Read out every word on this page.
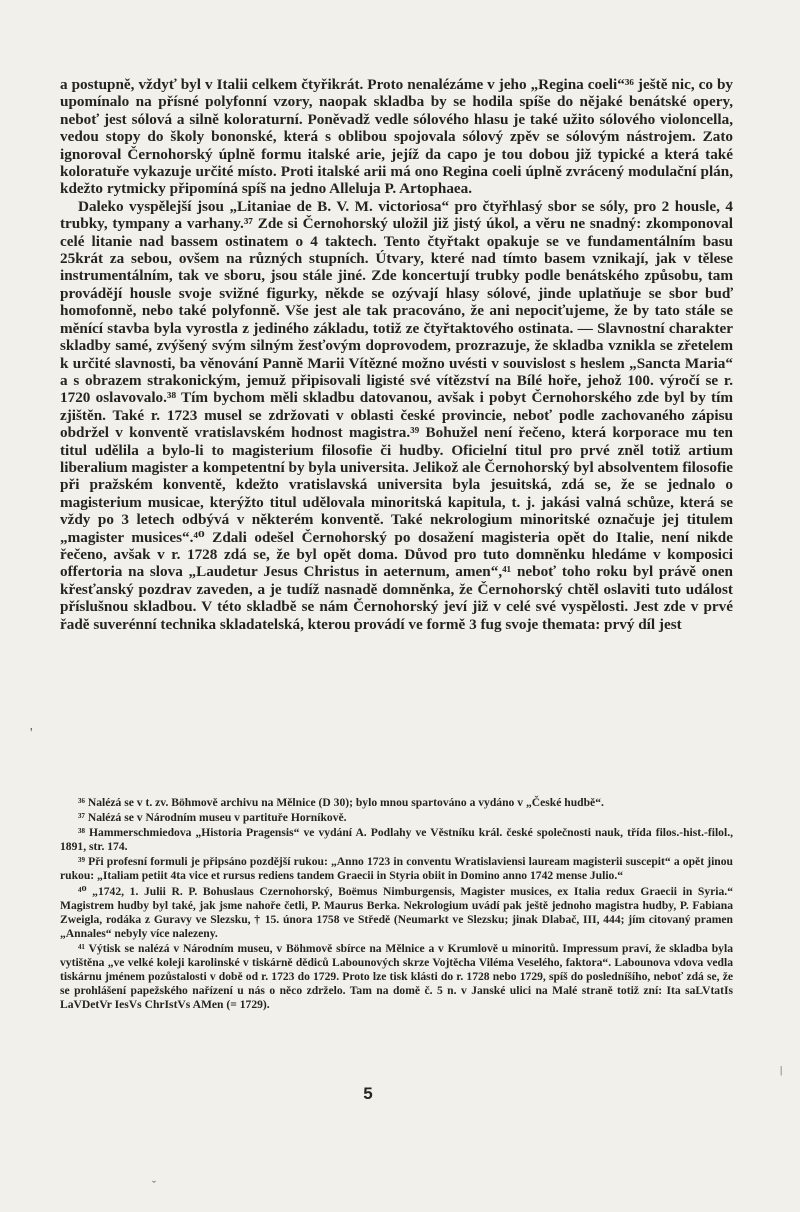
a postupně, vždyť byl v Italii celkem čtyřikrát. Proto nenalézáme v jeho „Regina coeli“³⁶ ještě nic, co by upomínalo na přísné polyfonní vzory, naopak skladba by se hodila spíše do nějaké benátské opery, neboť jest sólová a silně koloraturní. Poněvadž vedle sólového hlasu je také užito sólového violoncella, vedou stopy do školy bononské, která s oblibou spojovala sólový zpěv se sólovým nástrojem. Zato ignoroval Černohorský úplně formu italské arie, jejíž da capo je tou dobou již typické a která také koloratuře vykazuje určité místo. Proti italské arii má ono Regina coeli úplně zvrácený modulační plán, kdežto rytmicky připomíná spíš na jedno Alleluja P. Artophaea.

Daleko vyspělejší jsou „Litaniae de B. V. M. victoriosa“ pro čtyřhlasý sbor se sóly, pro 2 housle, 4 trubky, tympany a varhany.³⁷ Zde si Černohorský uložil již jistý úkol, a věru ne snadný: zkomponoval celé litanie nad bassem ostinatem o 4 taktech. Tento čtyřtakt opakuje se ve fundamentálním basu 25krát za sebou, ovšem na různých stupních. Útvary, které nad tímto basem vznikají, jak v tělese instrumentálním, tak ve sboru, jsou stále jiné. Zde koncertují trubky podle benátského způsobu, tam provádějí housle svoje svižné figurky, někde se ozývají hlasy sólové, jinde uplatňuje se sbor buď homofonně, nebo také polyfonně. Vše jest ale tak pracováno, že ani nepociťujeme, že by tato stále se měnící stavba byla vyrostla z jediného základu, totiž ze čtyřtaktového ostinata. — Slavnostní charakter skladby samé, zvýšený svým silným žesťovým doprovodem, prozrazuje, že skladba vznikla se zřetelem k určité slavnosti, ba věnování Panně Marii Vítězné možno uvésti v souvislost s heslem „Sancta Maria“ a s obrazem strakonickým, jemuž připisovali ligisté své vítězství na Bílé hoře, jehož 100. výročí se r. 1720 oslavovalo.³⁸ Tím bychom měli skladbu datovanou, avšak i pobyt Černohorského zde byl by tím zjištěn. Také r. 1723 musel se zdržovati v oblasti české provincie, neboť podle zachovaného zápisu obdržel v konventě vratislavském hodnost magistra.³⁹ Bohužel není řečeno, která korporace mu ten titul udělila a bylo-li to magisterium filosofie či hudby. Oficielní titul pro prvé zněl totiž artium liberalium magister a kompetentní by byla universita. Jelikož ale Černohorský byl absolventem filosofie při pražském konventě, kdežto vratislavská universita byla jesuitská, zdá se, že se jednalo o magisterium musicae, kterýžto titul udělovala minoritská kapitula, t. j. jakási valná schůze, která se vždy po 3 letech odbývá v některém konventě. Také nekrologium minoritské označuje jej titulem „magister musices“.⁴⁰ Zdali odešel Černohorský po dosažení magisteria opět do Italie, není nikde řečeno, avšak v r. 1728 zdá se, že byl opět doma. Důvod pro tuto domněnku hledáme v komposici offertoria na slova „Laudetur Jesus Christus in aeternum, amen“,⁴¹ neboť toho roku byl právě onen křesťanský pozdrav zaveden, a je tudíž nasnadě domněnka, že Černohorský chtěl oslaviti tuto událost příslušnou skladbou. V této skladbě se nám Černohorský jeví již v celé své vyspělosti. Jest zde v prvé řadě suverénní technika skladatelská, kterou provádí ve formě 3 fug svoje themata: prvý díl jest

³⁶ Nalézá se v t. zv. Böhmově archivu na Mělnice (D 30); bylo mnou spartováno a vydáno v „České hudbě“.

³⁷ Nalézá se v Národním museu v partituře Horníkově.

³⁸ Hammerschmiedova „Historia Pragensis“ ve vydání A. Podlahy ve Věstníku král. české společnosti nauk, třída filos.-hist.-filol., 1891, str. 174.

³⁹ Při profesní formuli je připsáno pozdější rukou: „Anno 1723 in conventu Wratislaviensi lauream magisterii suscepit“ a opět jinou rukou: „Italiam petiit 4ta vice et rursus rediens tandem Graecii in Styria obiit in Domino anno 1742 mense Julio.“

⁴⁰ „1742, 1. Julii R. P. Bohuslaus Czernohorský, Boëmus Nimburgensis, Magister musices, ex Italia redux Graecii in Syria.“ Magistrem hudby byl také, jak jsme nahoře četli, P. Maurus Berka. Nekrologium uvádí pak ještě jednoho magistra hudby, P. Fabiana Zweigla, rodáka z Guravy ve Slezsku, † 15. února 1758 ve Středě (Neumarkt ve Slezsku; jinak Dlabač, III, 444; jím citovaný pramen „Annales“ nebyly více nalezeny.

⁴¹ Výtisk se nalézá v Národním museu, v Böhmově sbírce na Mělnice a v Krumlově u minoritů. Impressum praví, že skladba byla vytištěna „ve velké koleji karolinské v tiskárně dědiců Labounových skrze Vojtěcha Viléma Veselého, faktora“. Labounova vdova vedla tiskárnu jménem pozůstalosti v době od r. 1723 do 1729. Proto lze tisk klásti do r. 1728 nebo 1729, spíš do posledníšího, neboť zdá se, že se prohlášení papežského nařízení u nás o něco zdrželo. Tam na domě č. 5 n. v Janské ulici na Malé straně totiž zní: Ita saLVtatIs LaVDetVr IesVs ChrIstVs AMen (= 1729).

5
'
ˇ
|
